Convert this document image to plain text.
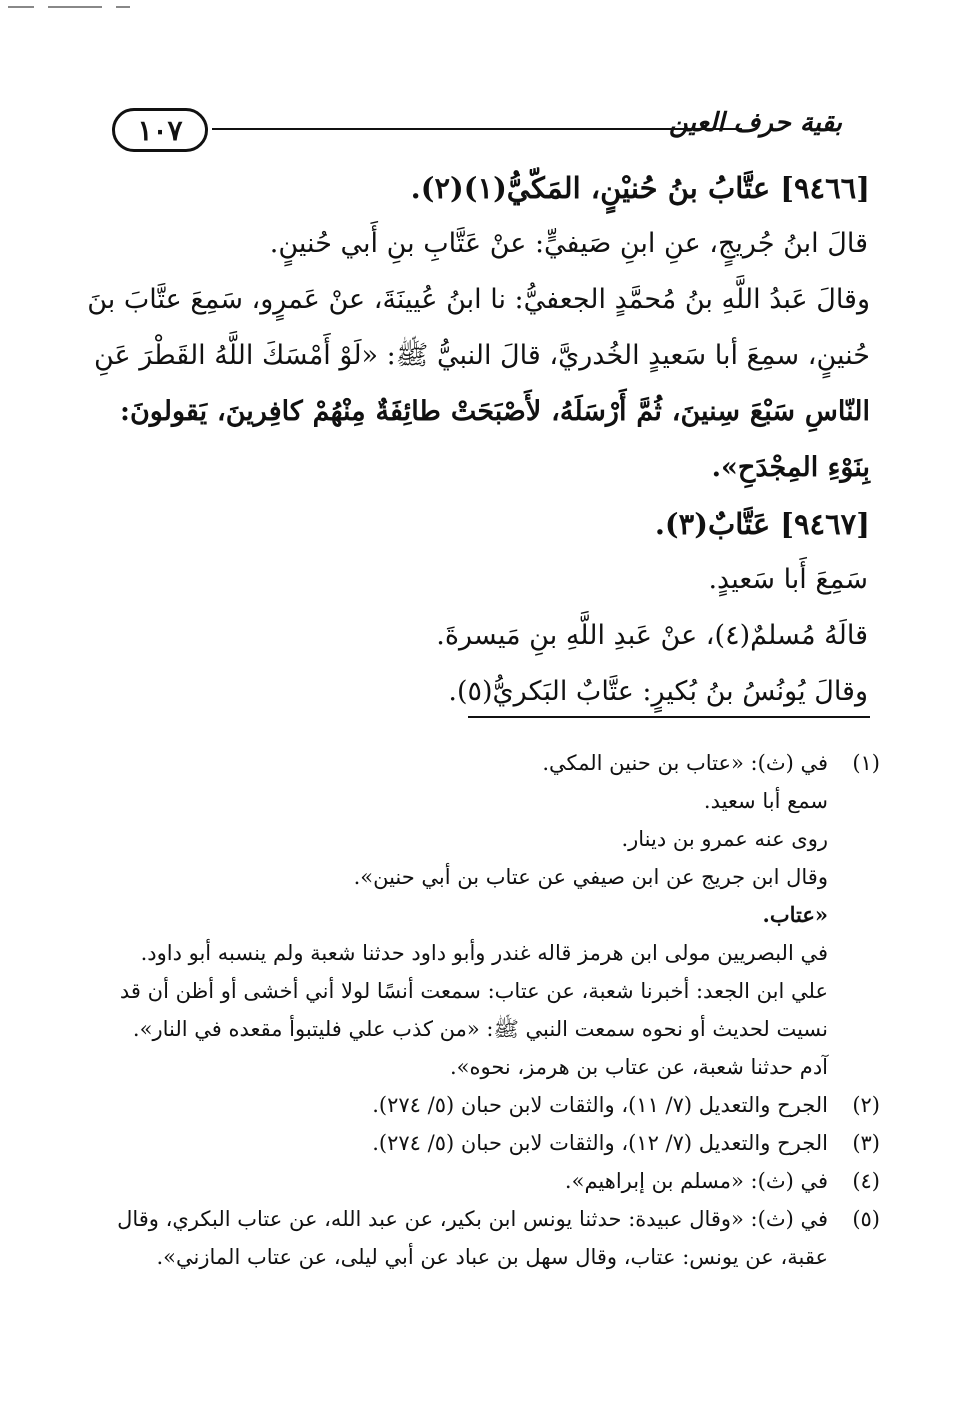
١٠٧	بقية حرف العين
[٩٤٦٦] عتَّابُ بنُ حُنيْنٍ، المَكّيُّ(١)(٢).
قالَ ابنُ جُريجٍ، عنِ ابنِ صَيفيٍّ: عنْ عَتَّابِ بنِ أَبي حُنينٍ.
وقالَ عَبدُ اللَّهِ بنُ مُحمَّدٍ الجعفيُّ: نا ابنُ عُيينَةَ، عنْ عَمرٍو، سَمِعَ عتَّابَ بنَ
حُنينٍ، سمِعَ أبا سَعيدٍ الخُدريَّ، قالَ النبيُّ ﷺ: «لَوْ أَمْسَكَ اللَّهُ القَطْرَ عَنِ
النّاسِ سَبْعَ سِنينَ، ثُمَّ أَرْسَلَهُ، لأَصْبَحَتْ طائِفَةٌ مِنْهُمْ كافِرينَ، يَقولونَ:
بِنَوْءِ المِجْدَحِ».
[٩٤٦٧] عَتَّابٌ(٣).
سَمِعَ أَبا سَعيدٍ.
قالَهُ مُسلمٌ(٤)، عنْ عَبدِ اللَّهِ بنِ مَيسرةَ.
وقالَ يُونُسُ بنُ بُكيرٍ: عتَّابٌ البَكريُّ(٥).
(١)
في (ث): «عتاب بن حنين المكي.
سمع أبا سعيد.
روى عنه عمرو بن دينار.
وقال ابن جريج عن ابن صيفي عن عتاب بن أبي حنين».
«عتاب.
في البصريين مولى ابن هرمز قاله غندر وأبو داود حدثنا شعبة ولم ينسبه أبو داود.
علي ابن الجعد: أخبرنا شعبة، عن عتاب: سمعت أنسًا لولا أني أخشى أو أظن أن قد
نسيت لحديث أو نحوه سمعت النبي ﷺ: «من كذب علي فليتبوأ مقعده في النار».
آدم حدثنا شعبة، عن عتاب بن هرمز، نحوه».
(٢)
الجرح والتعديل (٧/ ١١)، والثقات لابن حبان (٥/ ٢٧٤).
(٣)
الجرح والتعديل (٧/ ١٢)، والثقات لابن حبان (٥/ ٢٧٤).
(٤)
في (ث): «مسلم بن إبراهيم».
(٥)
في (ث): «وقال عبيدة: حدثنا يونس ابن بكير، عن عبد الله، عن عتاب البكري، وقال
عقبة، عن يونس: عتاب، وقال سهل بن عباد عن أبي ليلى، عن عتاب المازني».
